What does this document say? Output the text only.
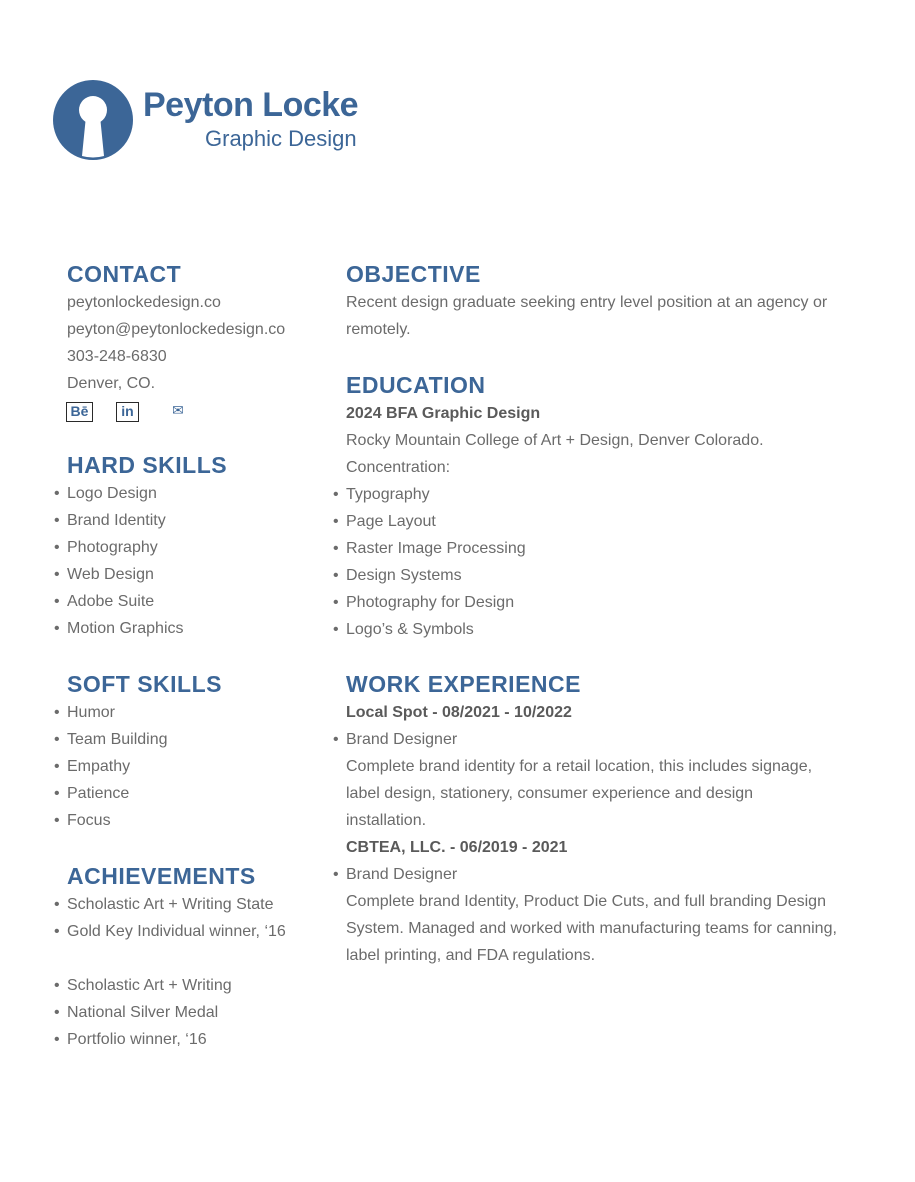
Peyton Locke
Graphic Design
CONTACT
peytonlockedesign.co
peyton@peytonlockedesign.co
303-248-6830
Denver, CO.
Bē	in	✉
HARD SKILLS
• Logo Design
• Brand Identity
• Photography
• Web Design
• Adobe Suite
• Motion Graphics
SOFT SKILLS
• Humor
• Team Building
• Empathy
• Patience
• Focus
ACHIEVEMENTS
• Scholastic Art + Writing State
• Gold Key Individual winner, ‘16
• Scholastic Art + Writing
• National Silver Medal
• Portfolio winner, ‘16
OBJECTIVE
Recent design graduate seeking entry level position at an agency or remotely.
EDUCATION
2024 BFA Graphic Design
Rocky Mountain College of Art + Design, Denver Colorado.
Concentration:
• Typography
• Page Layout
• Raster Image Processing
• Design Systems
• Photography for Design
• Logo’s & Symbols
WORK EXPERIENCE
Local Spot - 08/2021 - 10/2022
• Brand Designer
Complete brand identity for a retail location, this includes signage, label design, stationery, consumer experience and design installation.
CBTEA, LLC. - 06/2019 - 2021
• Brand Designer
Complete brand Identity, Product Die Cuts, and full branding Design System. Managed and worked with manufacturing teams for canning, label printing, and FDA regulations.
